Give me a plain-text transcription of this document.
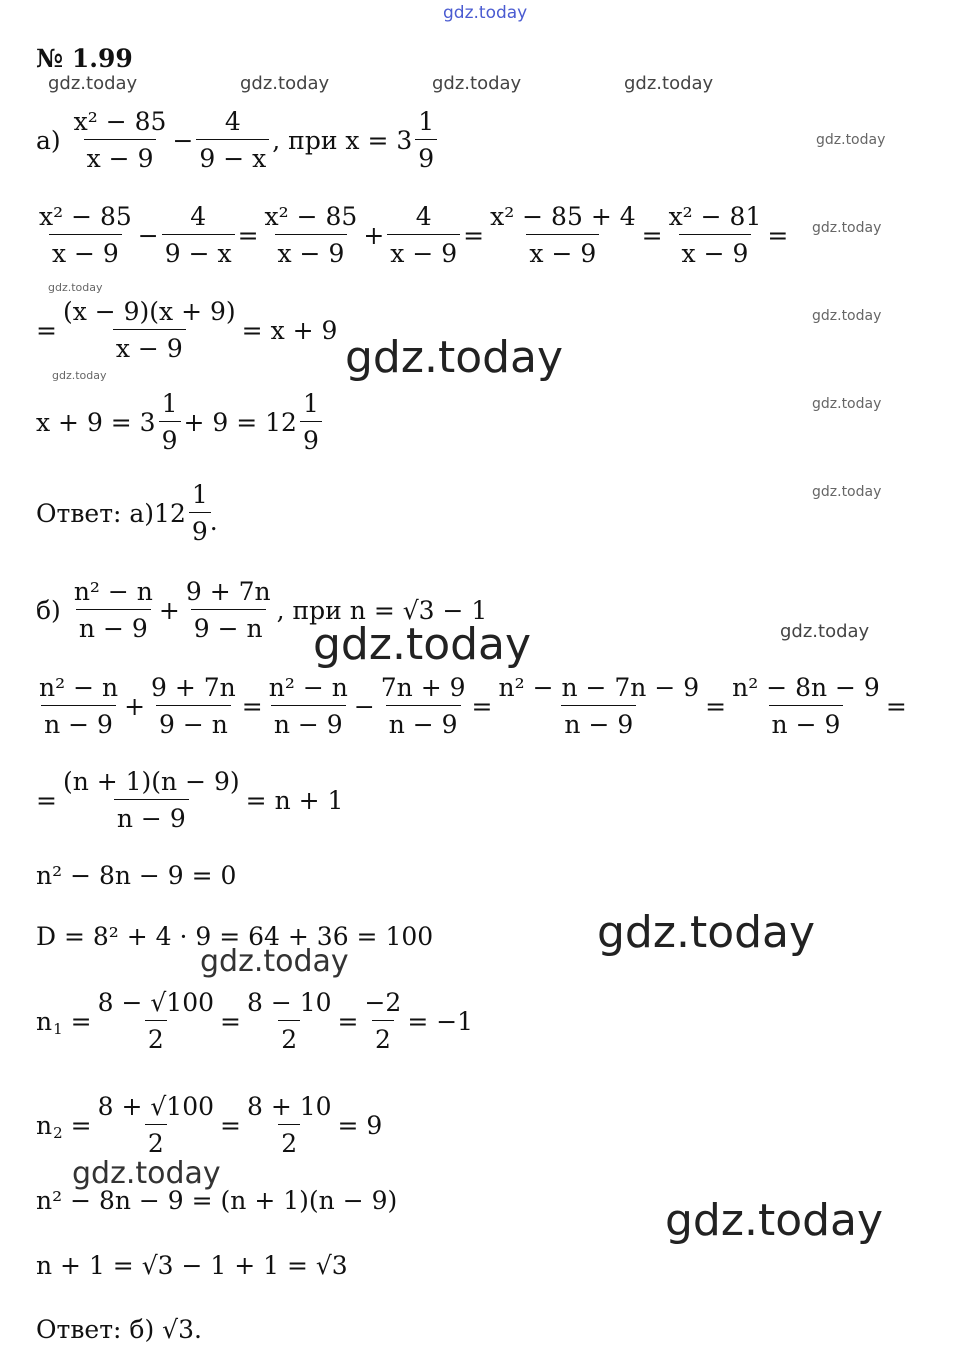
gdz.today
gdz.today	gdz.today	gdz.today	gdz.today
gdz.today
gdz.today
gdz.today
gdz.today
gdz.today
gdz.today
gdz.today
gdz.today	gdz.today
gdz.today
gdz.today
gdz.today
gdz.today
gdz.today
№ 1.99
$а) \frac{\text{x² − 85}}{x - 9} - \frac{4}{9 - x}$ , при $x = 3 \frac{1}{9}$
$\frac{\text{x² − 85}}{x - 9} - \frac{4}{9 - x} = \frac{\text{x² − 85}}{x - 9} + \frac{4}{x - 9} = \frac{\text{x² − 85 + 4}}{x - 9} = \frac{\text{x² − 81}}{x - 9}$ =
= $\frac{(x - 9)(x + 9)}{x - 9} = x + 9$
$x + 9 = 3 \frac{1}{9} + 9 = 12 \frac{1}{9}$
Ответ: $а)12 \frac{1}{9}$ .
$б) \frac{\text{n² − n}}{n - 9} + \frac{9 + 7n}{9 - n}$ , при n = √3 − 1
$\frac{\text{n² − n}}{n - 9} + \frac{9 + 7n}{9 - n} = \frac{\text{n² − n}}{n - 9} - \frac{7n + 9}{n - 9} = \frac{\text{n² − n − 7n − 9}}{n - 9} = \frac{\text{n² − 8n − 9}}{n - 9}$ =
= $\frac{(n + 1)(n - 9)}{n - 9} = n + 1$
n² − 8n − 9 = 0
D = 8² + 4 · 9 = 64 + 36 = 100
n $1 = \frac{8 - √100}{2} = \frac{8 - 10}{2} = \frac{-2}{2} = -1$
n $2 = \frac{8 + √100}{2} = \frac{8 + 10}{2} = 9$
n² − 8n − 9 = (n + 1)(n − 9)
n + 1 = √3 − 1 + 1 = √3
Ответ: б) √3.
